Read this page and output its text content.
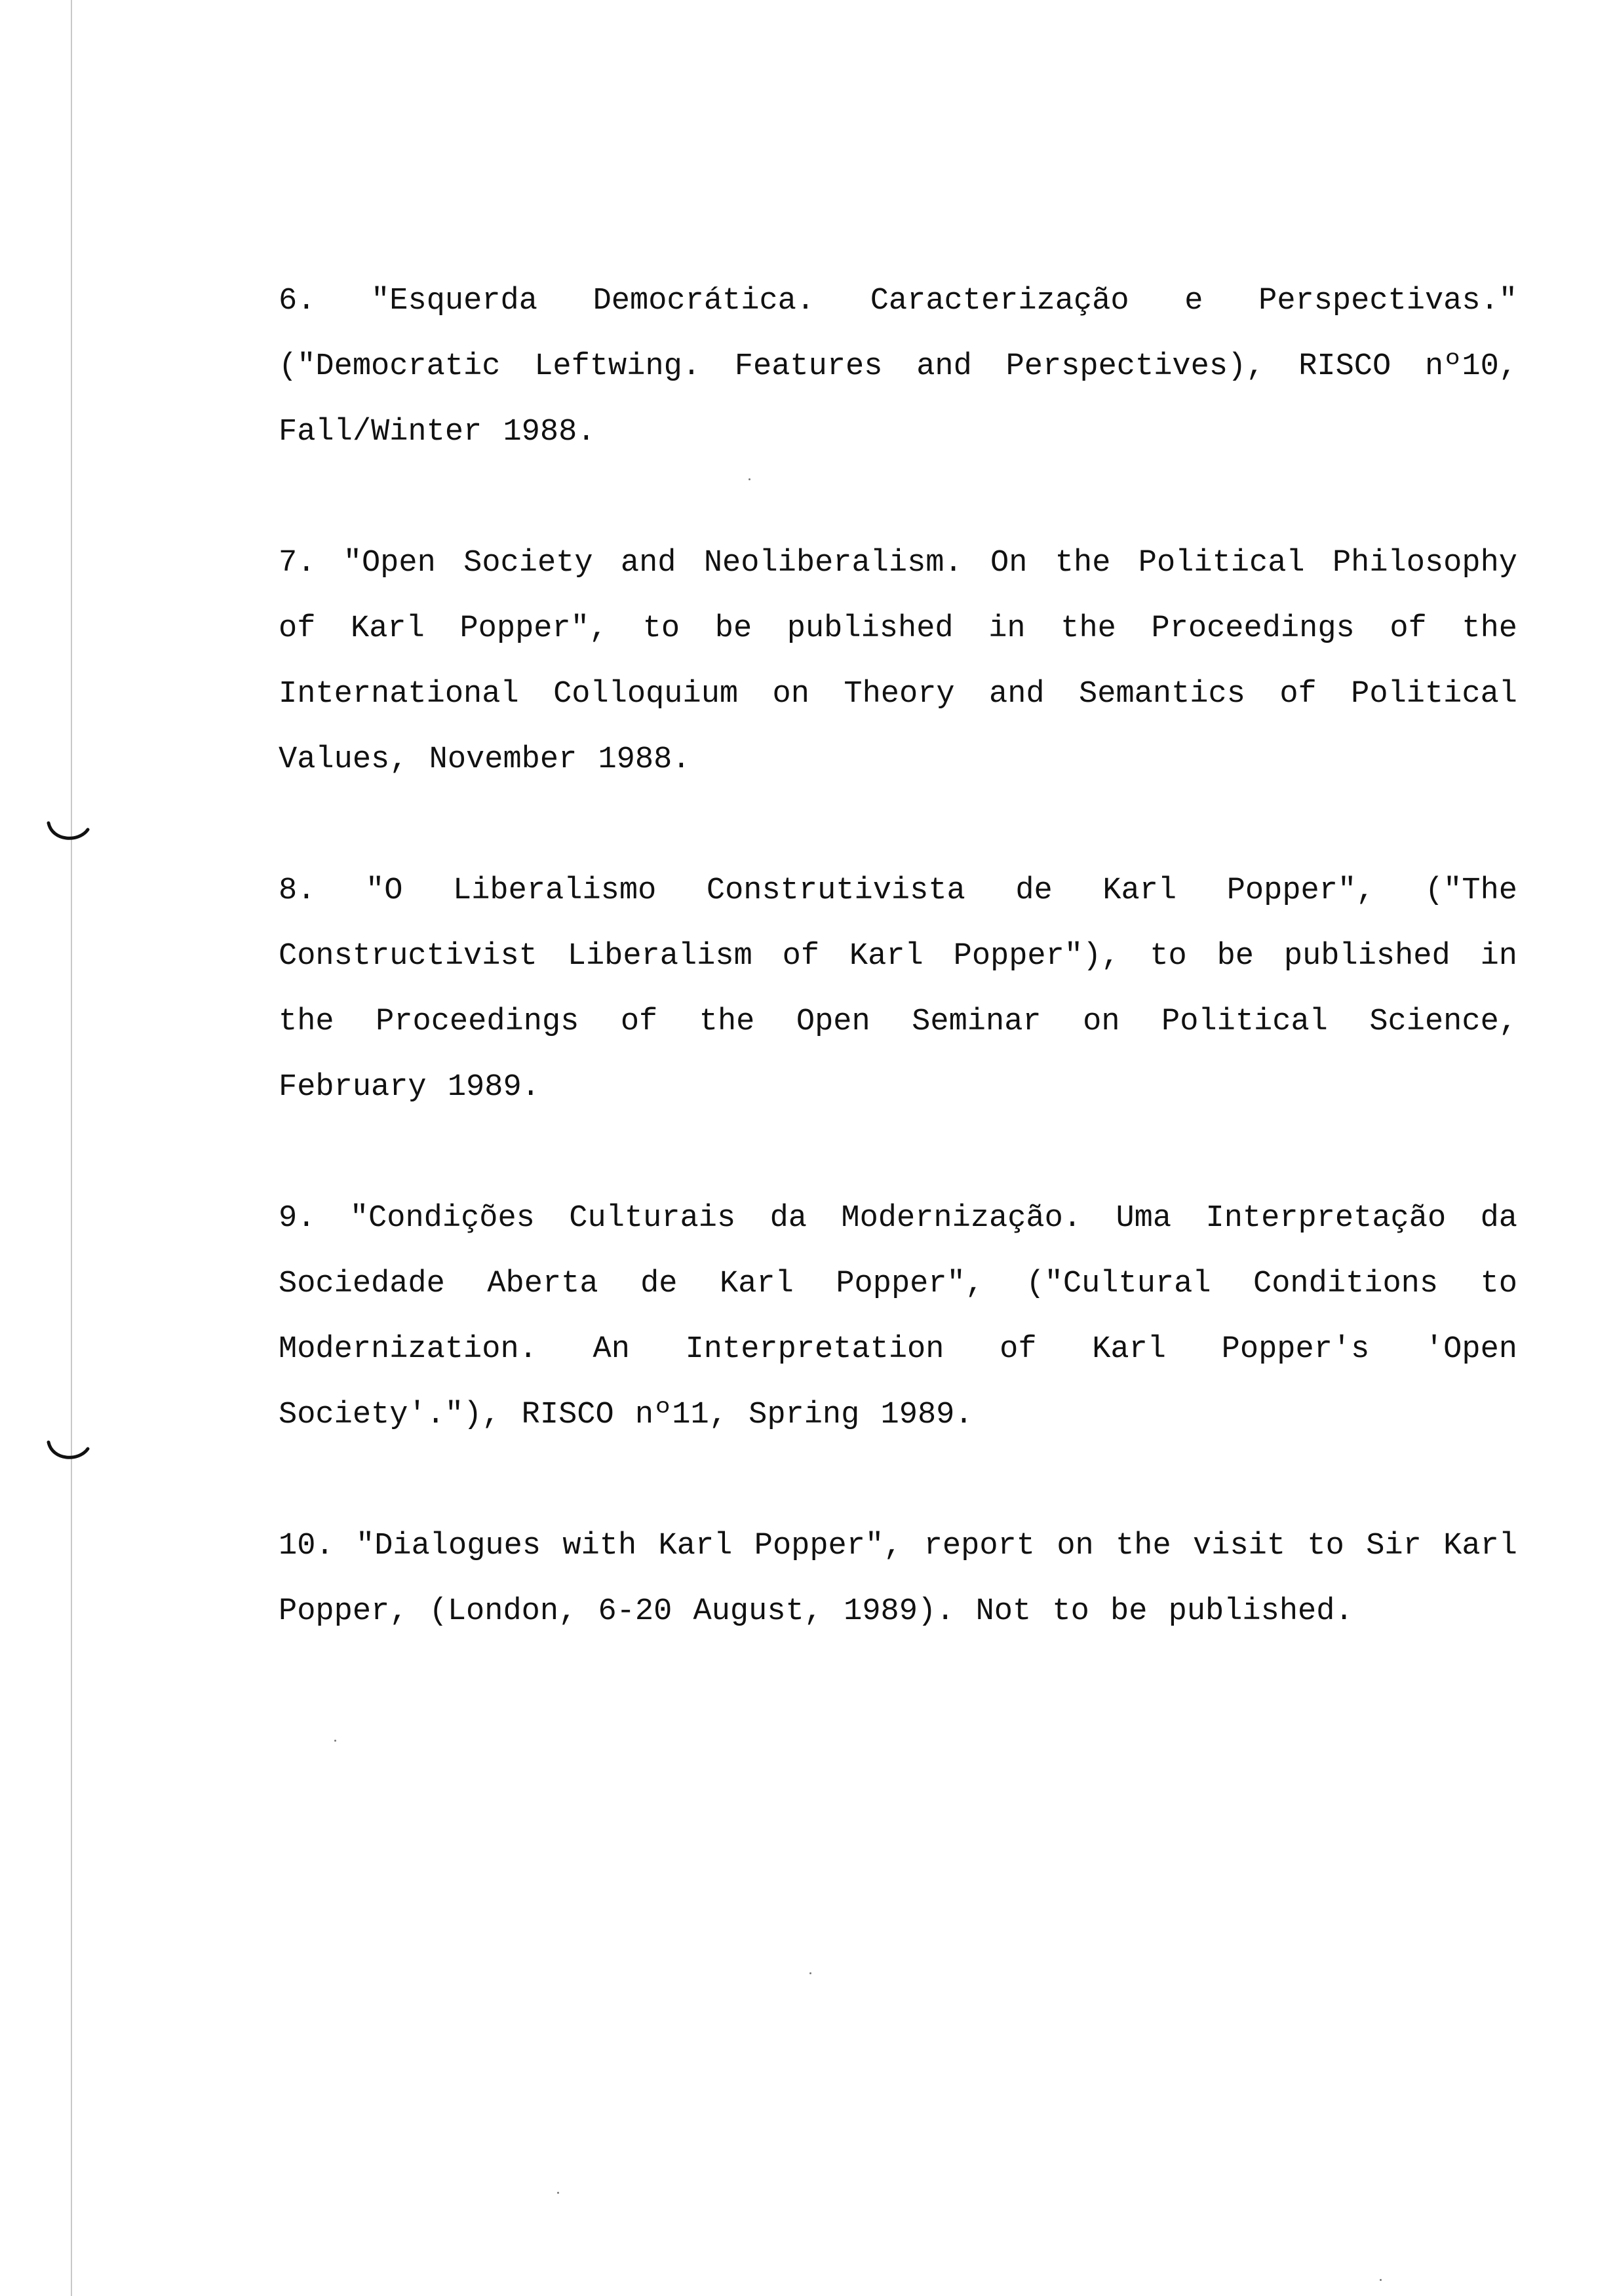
6. "Esquerda Democrática. Caracterização e Perspectivas." ("Democratic Leftwing. Features and Perspectives), RISCO nº10, Fall/Winter 1988.

7. "Open Society and Neoliberalism. On the Political Philosophy of Karl Popper", to be published in the Proceedings of the International Colloquium on Theory and Semantics of Political Values, November 1988.

8. "O Liberalismo Construtivista de Karl Popper", ("The Constructivist Liberalism of Karl Popper"), to be published in the Proceedings of the Open Seminar on Political Science, February 1989.

9. "Condições Culturais da Modernização. Uma Interpretação da Sociedade Aberta de Karl Popper", ("Cultural Conditions to Modernization. An Interpretation of Karl Popper's 'Open Society'."), RISCO nº11, Spring 1989.

10. "Dialogues with Karl Popper", report on the visit to Sir Karl Popper, (London, 6-20 August, 1989). Not to be published.
